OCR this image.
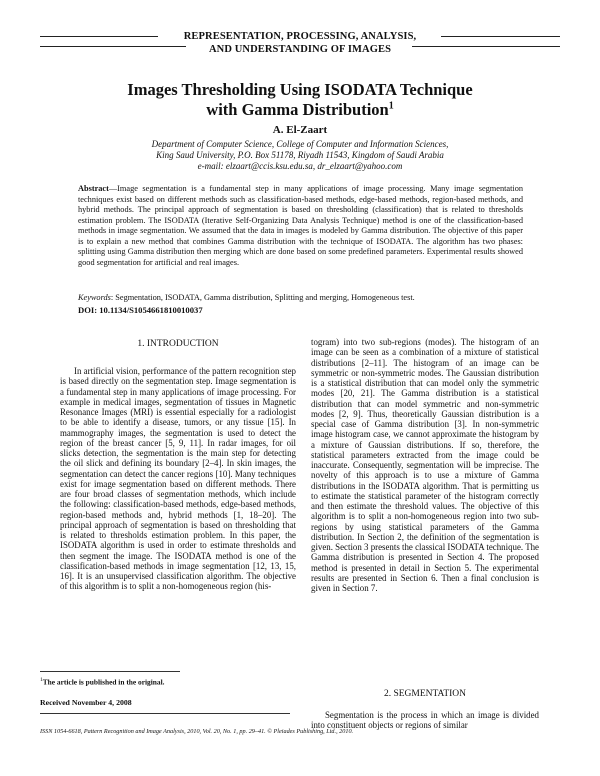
REPRESENTATION, PROCESSING, ANALYSIS,
AND UNDERSTANDING OF IMAGES
Images Thresholding Using ISODATA Technique
with Gamma Distribution$^1$
A. El-Zaart
Department of Computer Science, College of Computer and Information Sciences,
King Saud University, P.O. Box 51178, Riyadh 11543, Kingdom of Saudi Arabia
e-mail: elzaart@ccis.ksu.edu.sa, dr_elzaart@yahoo.com
Abstract—Image segmentation is a fundamental step in many applications of image processing. Many image segmentation techniques exist based on different methods such as classification-based methods, edge-based methods, region-based methods, and hybrid methods. The principal approach of segmentation is based on thresholding (classification) that is related to thresholds estimation problem. The ISODATA (Iterative Self-Organizing Data Analysis Technique) method is one of the classification-based methods in image segmentation. We assumed that the data in images is modeled by Gamma distribution. The objective of this paper is to explain a new method that combines Gamma distribution with the technique of ISODATA. The algorithm has two phases: splitting using Gamma distribution then merging which are done based on some predefined parameters. Experimental results showed good segmentation for artificial and real images.
Keywords: Segmentation, ISODATA, Gamma distribution, Splitting and merging, Homogeneous test.
DOI: 10.1134/S1054661810010037
1. INTRODUCTION
In artificial vision, performance of the pattern recognition step is based directly on the segmentation step. Image segmentation is a fundamental step in many applications of image processing. For example in medical images, segmentation of tissues in Magnetic Resonance Images (MRI) is essential especially for a radiologist to be able to identify a disease, tumors, or any tissue [15]. In mammography images, the segmentation is used to detect the region of the breast cancer [5, 9, 11]. In radar images, for oil slicks detection, the segmentation is the main step for detecting the oil slick and defining its boundary [2–4]. In skin images, the segmentation can detect the cancer regions [10]. Many techniques exist for image segmentation based on different methods. There are four broad classes of segmentation methods, which include the following: classification-based methods, edge-based methods, region-based methods and, hybrid methods [1, 18–20]. The principal approach of segmentation is based on thresholding that is related to thresholds estimation problem. In this paper, the ISODATA algorithm is used in order to estimate thresholds and then segment the image. The ISODATA method is one of the classification-based methods in image segmentation [12, 13, 15, 16]. It is an unsupervised classification algorithm. The objective of this algorithm is to split a non-homogeneous region (his-
togram) into two sub-regions (modes). The histogram of an image can be seen as a combination of a mixture of statistical distributions [2–11]. The histogram of an image can be symmetric or non-symmetric modes. The Gaussian distribution is a statistical distribution that can model only the symmetric modes [20, 21]. The Gamma distribution is a statistical distribution that can model symmetric and non-symmetric modes [2, 9]. Thus, theoretically Gaussian distribution is a special case of Gamma distribution [3]. In non-symmetric image histogram case, we cannot approximate the histogram by a mixture of Gaussian distributions. If so, therefore, the statistical parameters extracted from the image could be inaccurate. Consequently, segmentation will be imprecise. The novelty of this approach is to use a mixture of Gamma distributions in the ISODATA algorithm. That is permitting us to estimate the statistical parameter of the histogram correctly and then estimate the threshold values. The objective of this algorithm is to split a non-homogeneous region into two sub-regions by using statistical parameters of the Gamma distribution. In Section 2, the definition of the segmentation is given. Section 3 presents the classical ISODATA technique. The Gamma distribution is presented in Section 4. The proposed method is presented in detail in Section 5. The experimental results are presented in Section 6. Then a final conclusion is given in Section 7.
2. SEGMENTATION
Segmentation is the process in which an image is divided into constituent objects or regions of similar
$^1$The article is published in the original.
Received November 4, 2008
ISSN 1054-6618, Pattern Recognition and Image Analysis, 2010, Vol. 20, No. 1, pp. 29–41. © Pleiades Publishing, Ltd., 2010.
